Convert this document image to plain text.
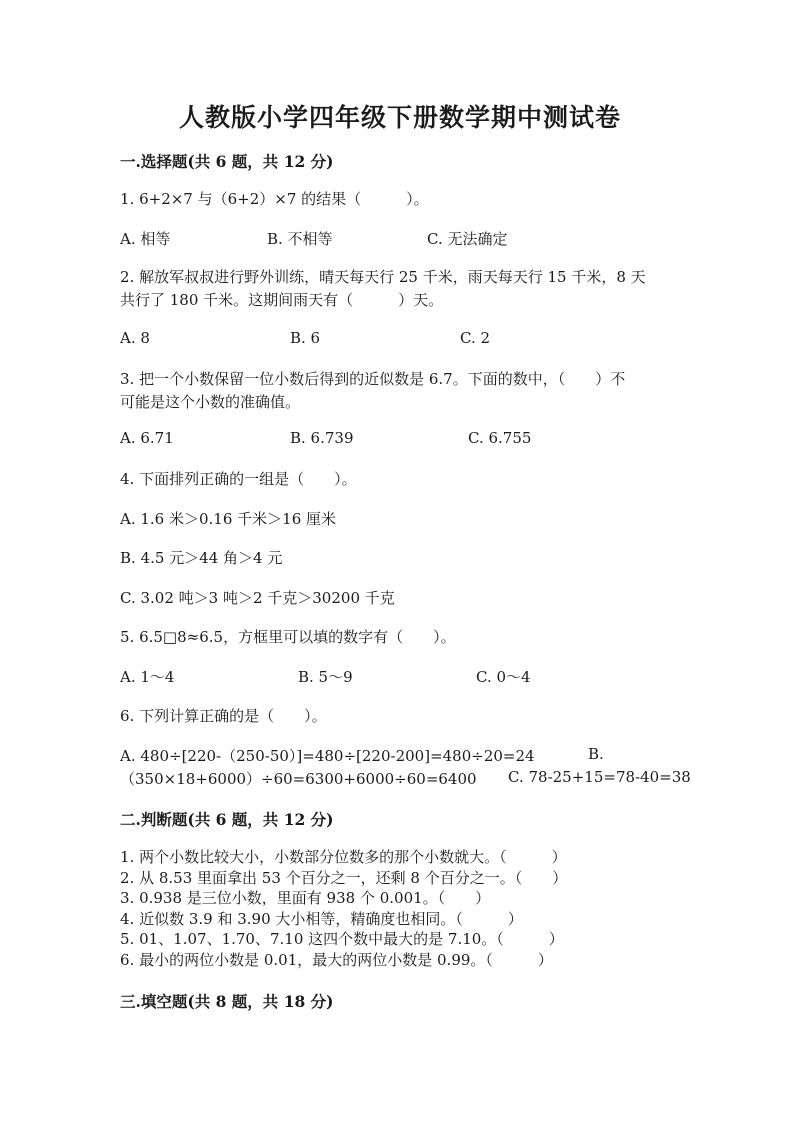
人教版小学四年级下册数学期中测试卷
一.选择题(共 6 题，共 12 分)
1. 6+2×7 与（6+2）×7 的结果（　　　）。
A. 相等	B. 不相等	C. 无法确定
2. 解放军叔叔进行野外训练，晴天每天行 25 千米，雨天每天行 15 千米，8 天
共行了 180 千米。这期间雨天有（　　　）天。
A. 8	B. 6	C. 2
3. 把一个小数保留一位小数后得到的近似数是 6.7。下面的数中，（　　）不
可能是这个小数的准确值。
A. 6.71	B. 6.739	C. 6.755
4. 下面排列正确的一组是（　　）。
A. 1.6 米＞0.16 千米＞16 厘米
B. 4.5 元＞44 角＞4 元
C. 3.02 吨＞3 吨＞2 千克＞30200 千克
5. 6.5□8≈6.5，方框里可以填的数字有（　　）。
A. 1～4	B. 5～9	C. 0～4
6. 下列计算正确的是（　　）。
A. 480÷[220-（250-50）]=480÷[220-200]=480÷20=24	B.
（350×18+6000）÷60=6300+6000÷60=6400 C. 78-25+15=78-40=38
二.判断题(共 6 题，共 12 分)
1. 两个小数比较大小，小数部分位数多的那个小数就大。（　　　）
2. 从 8.53 里面拿出 53 个百分之一，还剩 8 个百分之一。（　　）
3. 0.938 是三位小数，里面有 938 个 0.001。（　　）
4. 近似数 3.9 和 3.90 大小相等，精确度也相同。（　　　）
5. 01、1.07、1.70、7.10 这四个数中最大的是 7.10。（　　　）
6. 最小的两位小数是 0.01，最大的两位小数是 0.99。（　　　）
三.填空题(共 8 题，共 18 分)
